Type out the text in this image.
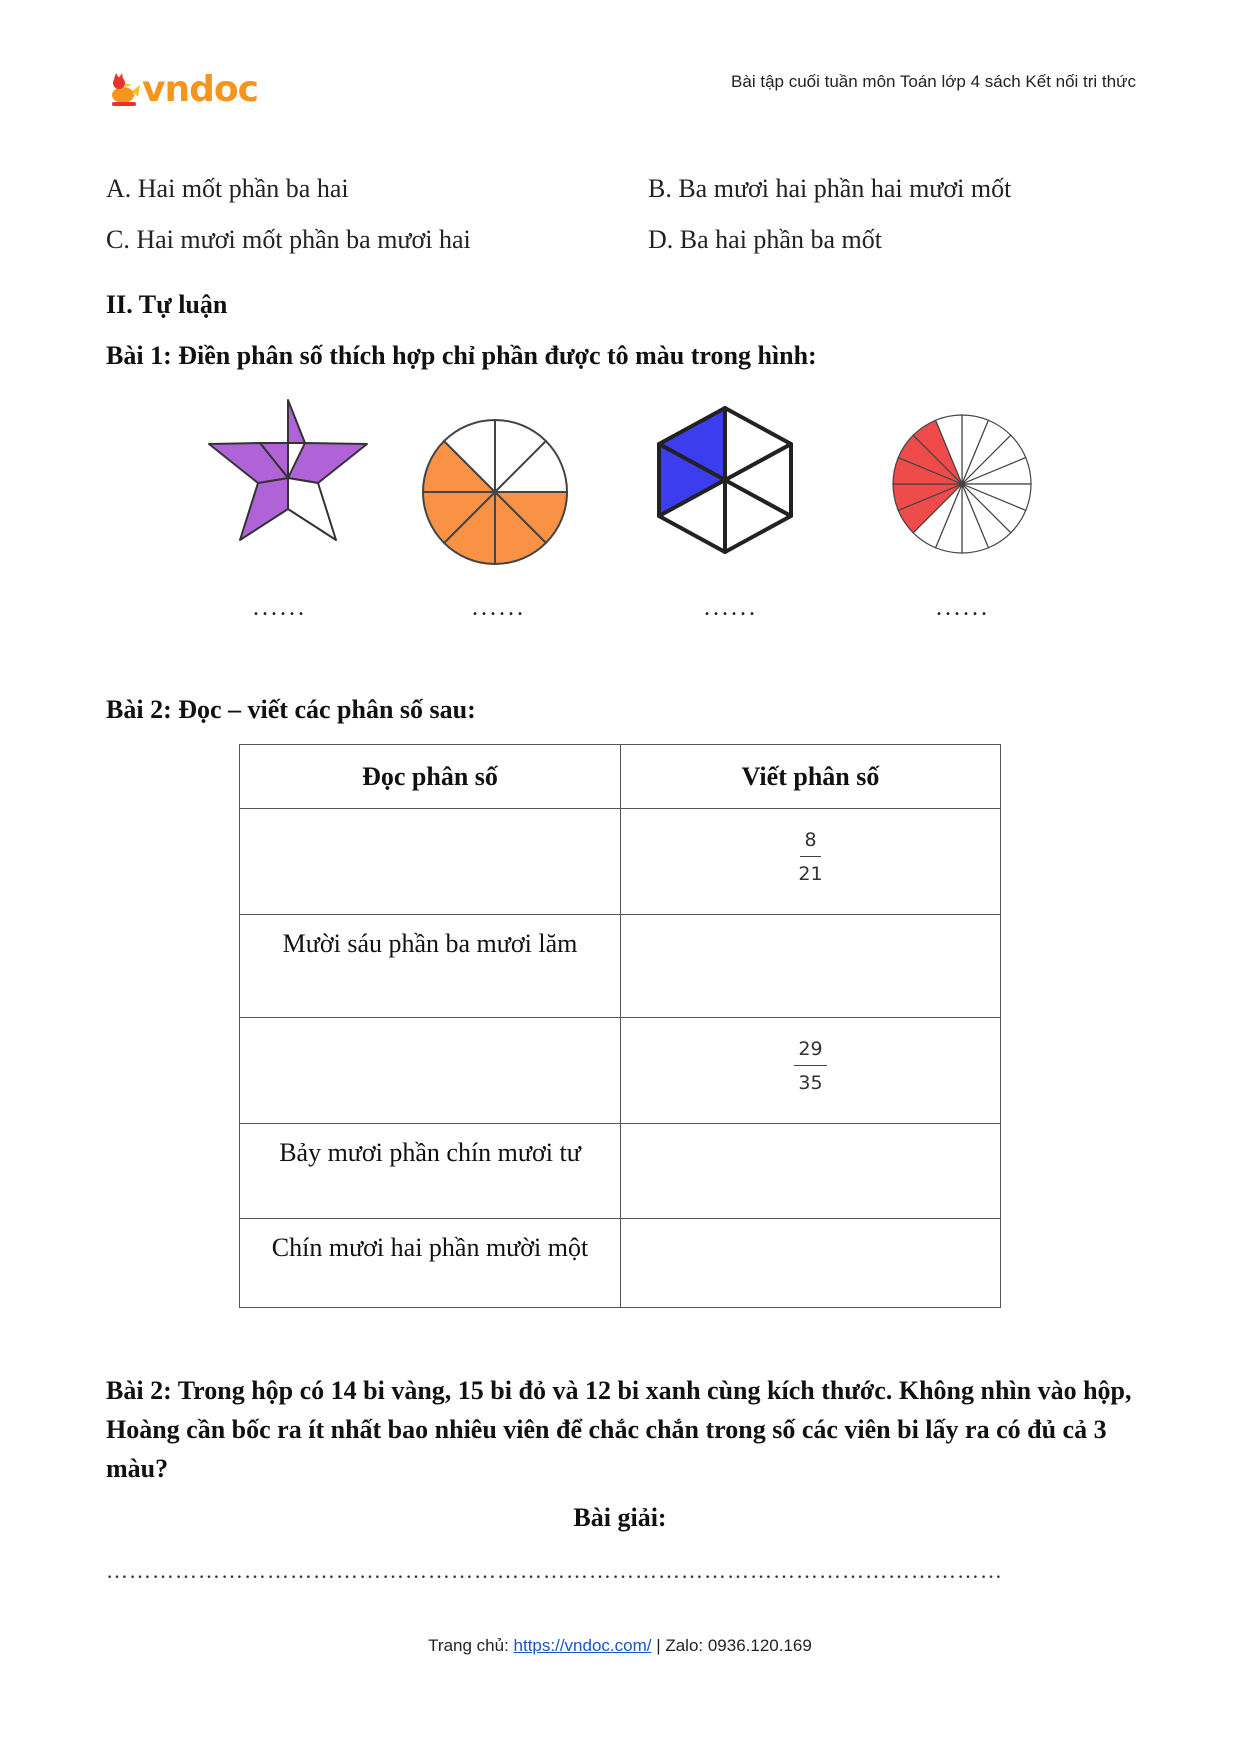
vndoc	Bài tập cuối tuần môn Toán lớp 4 sách Kết nối tri thức
A. Hai mốt phần ba hai	B. Ba mươi hai phần hai mươi mốt
C. Hai mươi mốt phần ba mươi hai	D. Ba hai phần ba mốt
II. Tự luận
Bài 1: Điền phân số thích hợp chỉ phần được tô màu trong hình:
......	......	......	......
Bài 2: Đọc – viết các phân số sau:
Đọc phân số	Viết phân số

	$\frac{8}{21}$

Mười sáu phần ba mươi lăm	

	$\frac{29}{35}$

Bảy mươi phần chín mươi tư	
Chín mươi hai phần mười một	
Bài 2: Trong hộp có 14 bi vàng, 15 bi đỏ và 12 bi xanh cùng kích thước. Không nhìn vào hộp, Hoàng cần bốc ra ít nhất bao nhiêu viên để chắc chắn trong số các viên bi lấy ra có đủ cả 3 màu?
Bài giải:
………………………………………………………………………………………………………
Trang chủ: https://vndoc.com/ | Zalo: 0936.120.169
